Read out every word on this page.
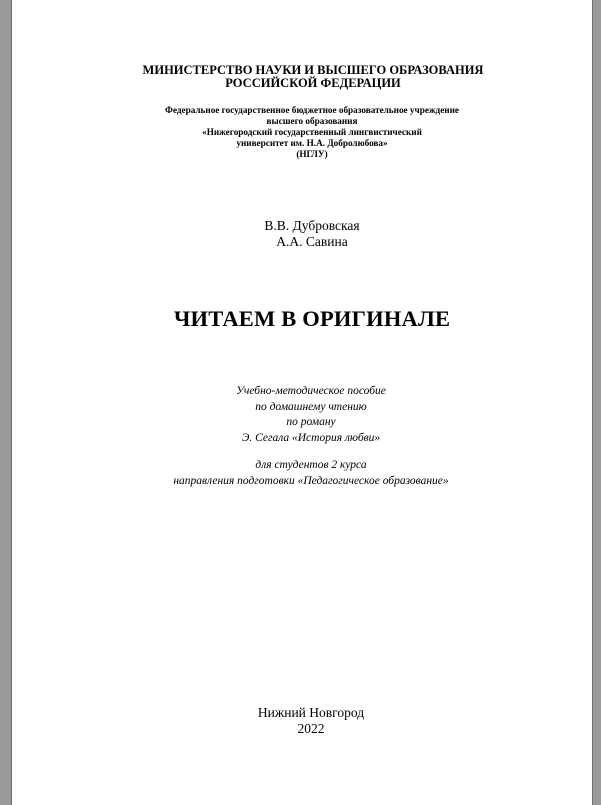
МИНИСТЕРСТВО НАУКИ И ВЫСШЕГО ОБРАЗОВАНИЯ
РОССИЙСКОЙ ФЕДЕРАЦИИ
Федеральное государственное бюджетное образовательное учреждение
высшего образования
«Нижегородский государственный лингвистический
университет им. Н.А. Добролюбова»
(НГЛУ)
В.В. Дубровская
А.А. Савина
ЧИТАЕМ В ОРИГИНАЛЕ
Учебно-методическое пособие
по домашнему чтению
по роману
Э. Сегала «История любви»
для студентов 2 курса
направления подготовки «Педагогическое образование»
Нижний Новгород
2022
